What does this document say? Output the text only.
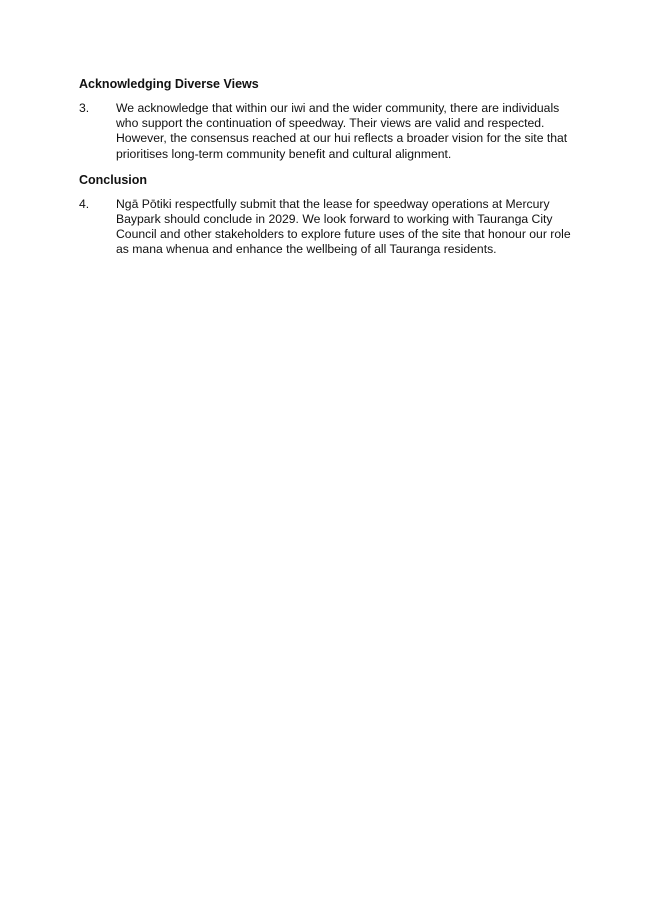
Acknowledging Diverse Views
3.	We acknowledge that within our iwi and the wider community, there are individuals
who support the continuation of speedway. Their views are valid and respected.
However, the consensus reached at our hui reflects a broader vision for the site that
prioritises long-term community benefit and cultural alignment.
Conclusion
4.	Ngā Pōtiki respectfully submit that the lease for speedway operations at Mercury
Baypark should conclude in 2029. We look forward to working with Tauranga City
Council and other stakeholders to explore future uses of the site that honour our role
as mana whenua and enhance the wellbeing of all Tauranga residents.
